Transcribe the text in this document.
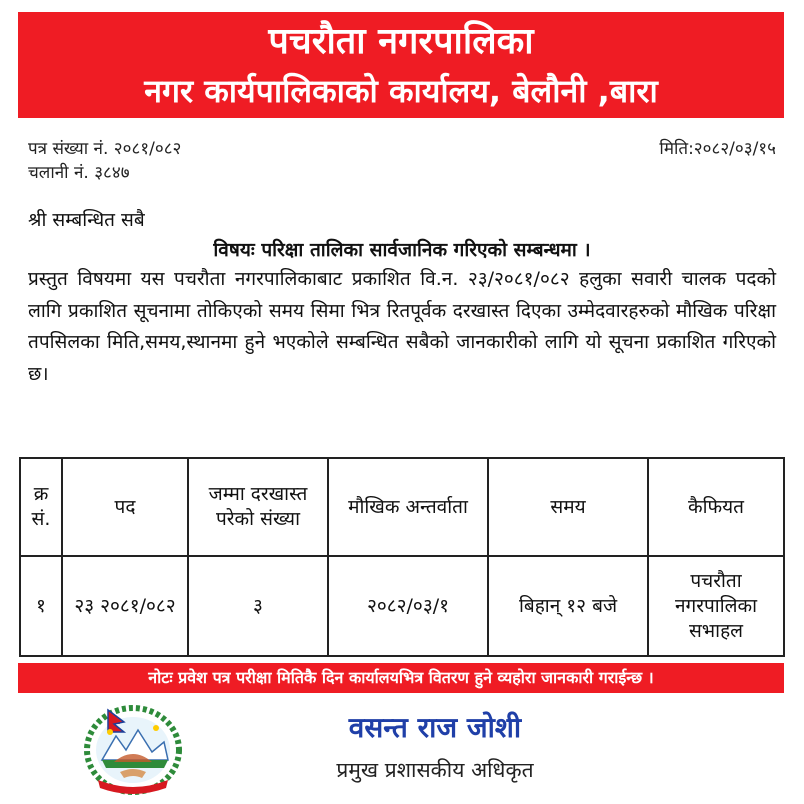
पचरौता नगरपालिका
नगर कार्यपालिकाको कार्यालय, बेलौनी ,बारा
पत्र संख्या नं. २०८१/०८२
चलानी नं. ३८४७
मिति:२०८२/०३/१५
श्री सम्बन्धित सबै
विषयः परिक्षा तालिका सार्वजानिक गरिएको सम्बन्धमा ।
प्रस्तुत विषयमा यस पचरौता नगरपालिकाबाट प्रकाशित वि.न. २३/२०८१/०८२ हलुका सवारी चालक पदको लागि प्रकाशित सूचनामा तोकिएको समय सिमा भित्र रितपूर्वक दरखास्त दिएका उम्मेदवारहरुको मौखिक परिक्षा तपसिलका मिति,समय,स्थानमा हुने भएकोले सम्बन्धित सबैको जानकारीको लागि यो सूचना प्रकाशित गरिएको छ।
क्र सं.	पद	जम्मा दरखास्त परेको संख्या	मौखिक अन्तर्वाता	समय	कैफियत
१	२३ २०८१/०८२	३	२०८२/०३/१	बिहान् १२ बजे	पचरौता नगरपालिका सभाहल
नोटः प्रवेश पत्र परीक्षा मितिकै दिन कार्यालयभित्र वितरण हुने व्यहोरा जानकारी गराईन्छ ।
वसन्त राज जोशी
प्रमुख प्रशासकीय अधिकृत
